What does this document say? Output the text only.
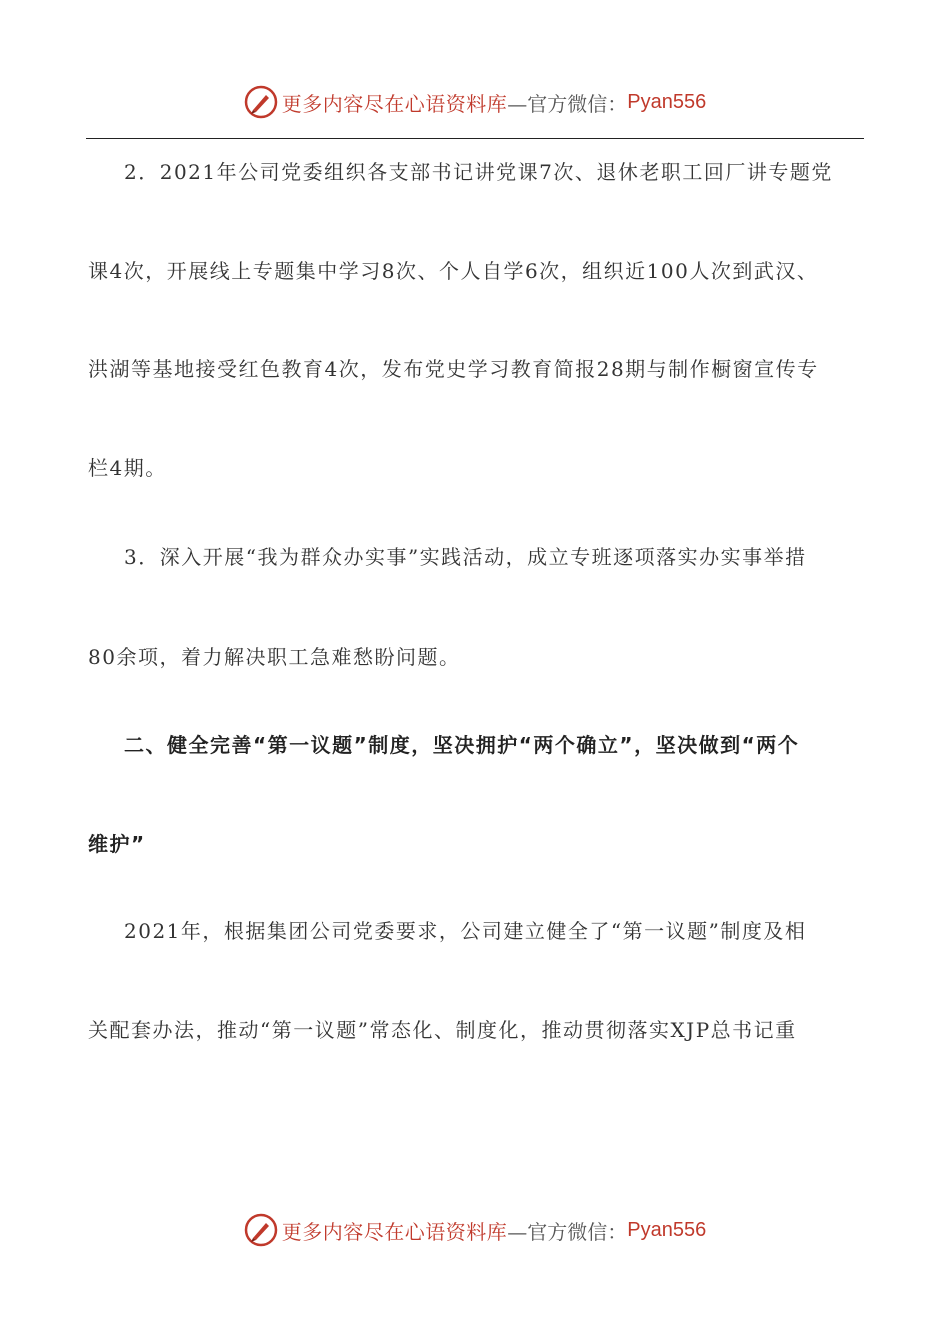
更多内容尽在心语资料库 —官方微信： Pyan556
2．2021年公司党委组织各支部书记讲党课7次、退休老职工回厂讲专题党
课4次，开展线上专题集中学习8次、个人自学6次，组织近100人次到武汉、
洪湖等基地接受红色教育4次，发布党史学习教育简报28期与制作橱窗宣传专
栏4期。
3．深入开展“我为群众办实事”实践活动，成立专班逐项落实办实事举措
80余项，着力解决职工急难愁盼问题。
二、健全完善“第一议题”制度，坚决拥护“两个确立”，坚决做到“两个
维护”
2021年，根据集团公司党委要求，公司建立健全了“第一议题”制度及相
关配套办法，推动“第一议题”常态化、制度化，推动贯彻落实XJP总书记重
更多内容尽在心语资料库 —官方微信： Pyan556
